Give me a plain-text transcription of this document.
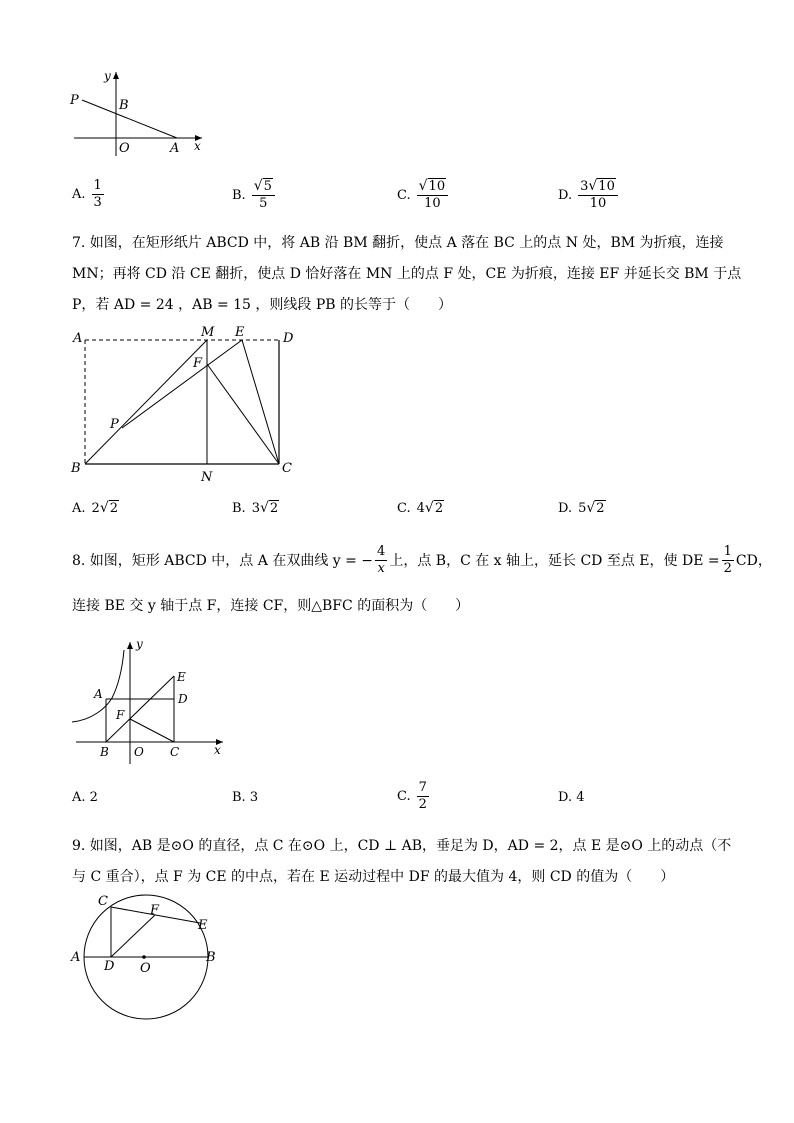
y
x
P	B
O	A
A. $\frac{1}{3}$	B. $\frac{√ 5}{5}$	C. $\frac{√ 10}{10}$	D. $\frac{3 √ 10}{10}$
7. 如图，在矩形纸片 ABCD 中，将 AB 沿 BM 翻折，使点 A 落在 BC 上的点 N 处，BM 为折痕，连接
MN；再将 CD 沿 CE 翻折，使点 D 恰好落在 MN 上的点 F 处，CE 为折痕，连接 EF 并延长交 BM 于点
P，若 AD = 24 ，AB = 15 ，则线段 PB 的长等于（　　）
A	M E	D
F
P
B
N
C
A. 2 √ 2	B. 3 √ 2	C. 4 √ 2	D. 5 √ 2
8. 如图，矩形 ABCD 中，点 A 在双曲线 y = − $\frac{4}{x}$ 上，点 B，C 在 x 轴上，延长 CD 至点 E，使 DE = $\frac{1}{2}$ CD，
连接 BE 交 y 轴于点 F，连接 CF，则△BFC 的面积为（　　）
y
E
A	D
F
B O C	x
A. 2	B. 3	C. $\frac{7}{2}$	D. 4
9. 如图，AB 是⊙O 的直径，点 C 在⊙O 上，CD ⊥ AB，垂足为 D，AD = 2，点 E 是⊙O 上的动点（不
与 C 重合），点 F 为 CE 的中点，若在 E 运动过程中 DF 的最大值为 4，则 CD 的值为（　　）
C
F
E
A
D O
B
